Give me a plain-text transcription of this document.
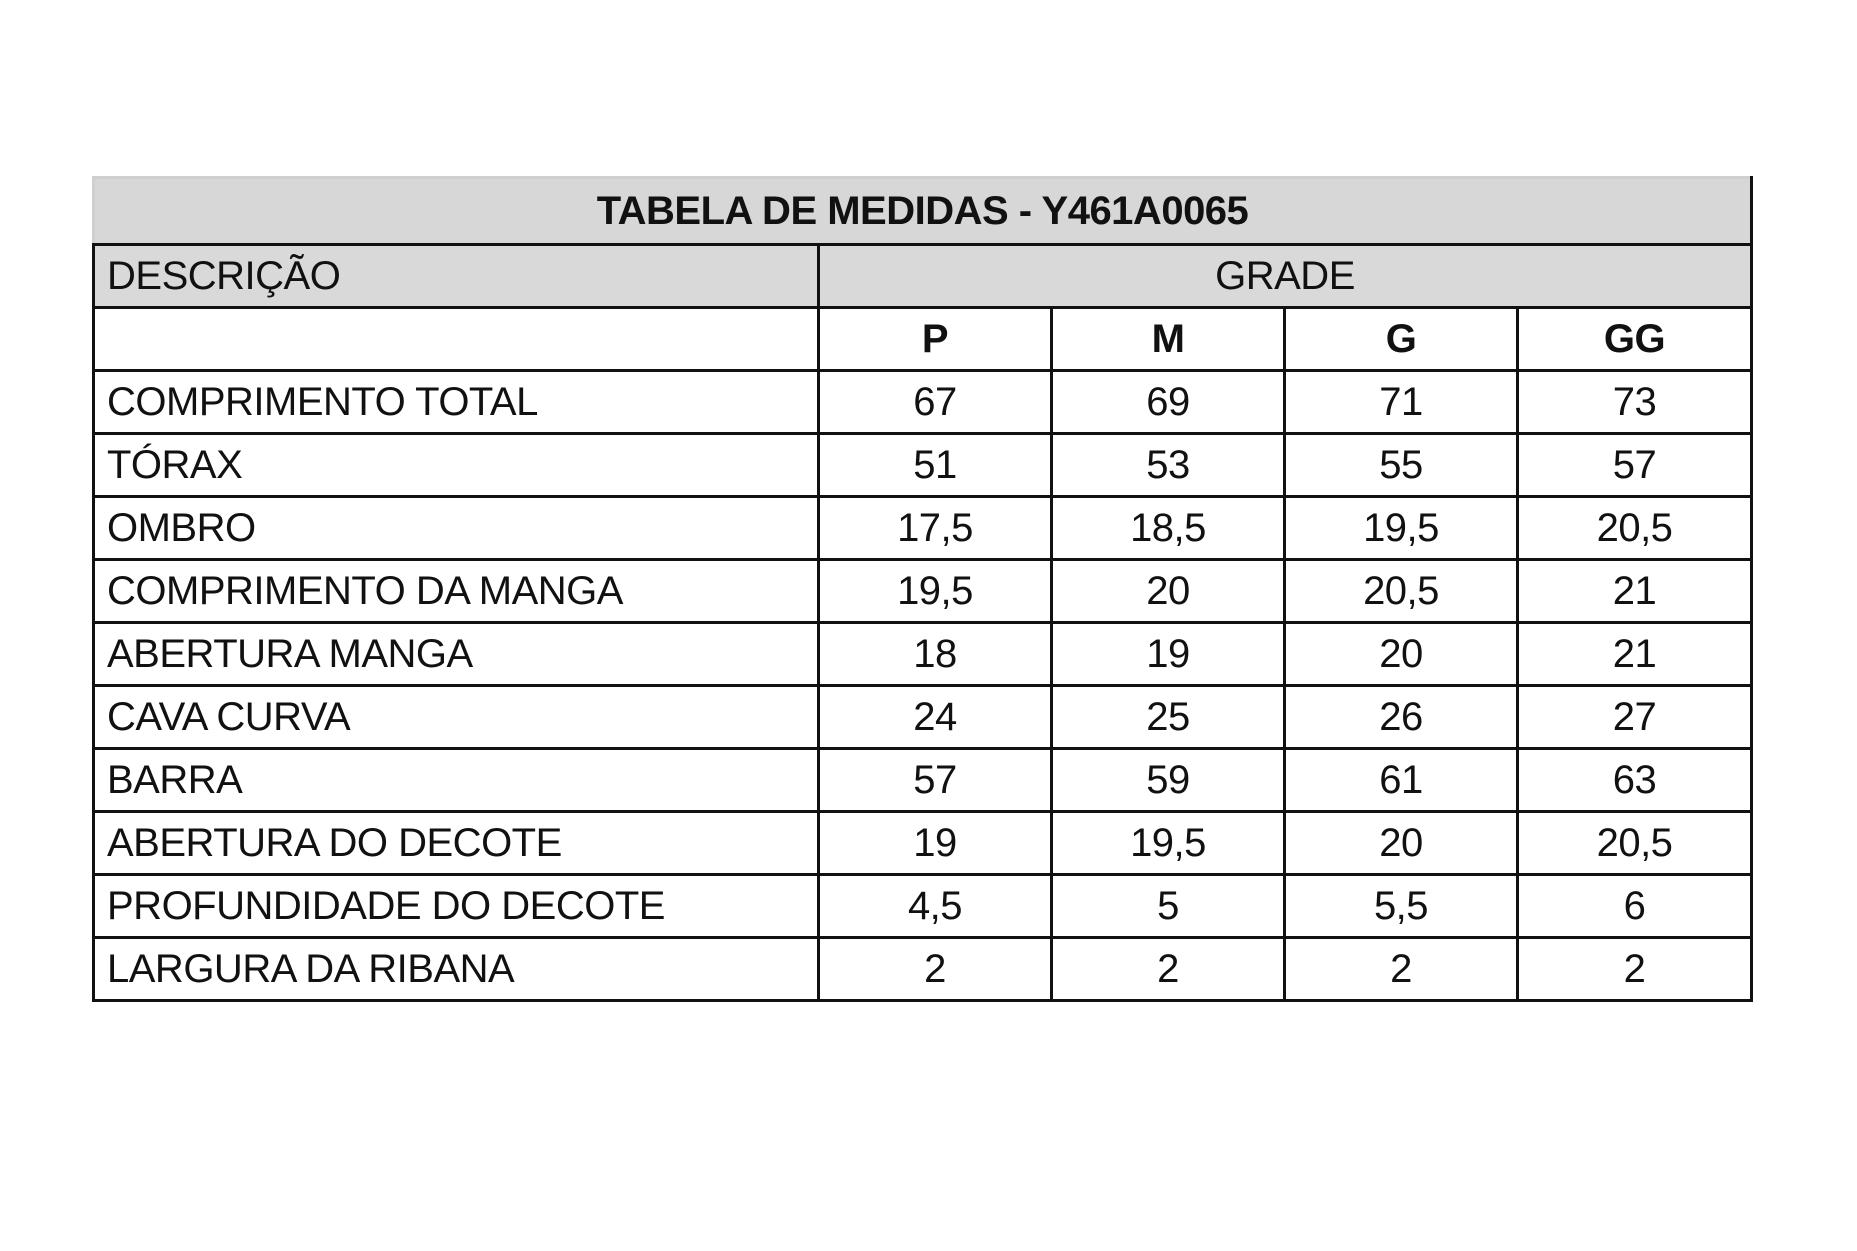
TABELA DE MEDIDAS - Y461A0065				
DESCRIÇÃO	GRADE			
	P	M	G	GG
COMPRIMENTO TOTAL	67	69	71	73
TÓRAX	51	53	55	57
OMBRO	17,5	18,5	19,5	20,5
COMPRIMENTO DA MANGA	19,5	20	20,5	21
ABERTURA MANGA	18	19	20	21
CAVA CURVA	24	25	26	27
BARRA	57	59	61	63
ABERTURA DO DECOTE	19	19,5	20	20,5
PROFUNDIDADE DO DECOTE	4,5	5	5,5	6
LARGURA DA RIBANA	2	2	2	2
